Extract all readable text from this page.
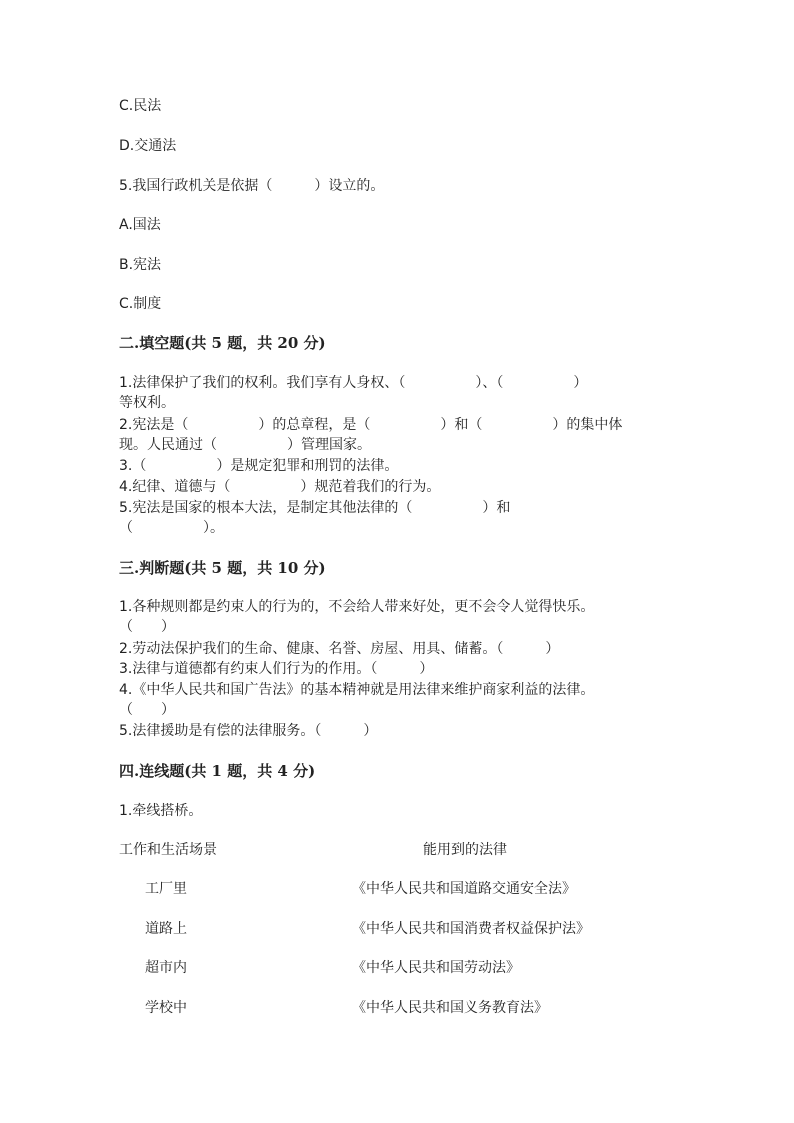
C.民法
D.交通法
5.我国行政机关是依据（　　　）设立的。
A.国法
B.宪法
C.制度
二.填空题(共 5 题，共 20 分)
1.法律保护了我们的权利。我们享有人身权、（　　　　　）、（　　　　　）
等权利。
2.宪法是（　　　　　）的总章程，是（　　　　　）和（　　　　　）的集中体
现。人民通过（　　　　　）管理国家。
3.（　　　　　）是规定犯罪和刑罚的法律。
4.纪律、道德与（　　　　　）规范着我们的行为。
5.宪法是国家的根本大法，是制定其他法律的（　　　　　）和
（　　　　　）。
三.判断题(共 5 题，共 10 分)
1.各种规则都是约束人的行为的，不会给人带来好处，更不会令人觉得快乐。
（　　）
2.劳动法保护我们的生命、健康、名誉、房屋、用具、储蓄。（　　　）
3.法律与道德都有约束人们行为的作用。（　　　）
4.《中华人民共和国广告法》的基本精神就是用法律来维护商家利益的法律。
（　　）
5.法律援助是有偿的法律服务。（　　　）
四.连线题(共 1 题，共 4 分)
1.牵线搭桥。
工作和生活场景	能用到的法律
工厂里	《中华人民共和国道路交通安全法》
道路上	《中华人民共和国消费者权益保护法》
超市内	《中华人民共和国劳动法》
学校中	《中华人民共和国义务教育法》
